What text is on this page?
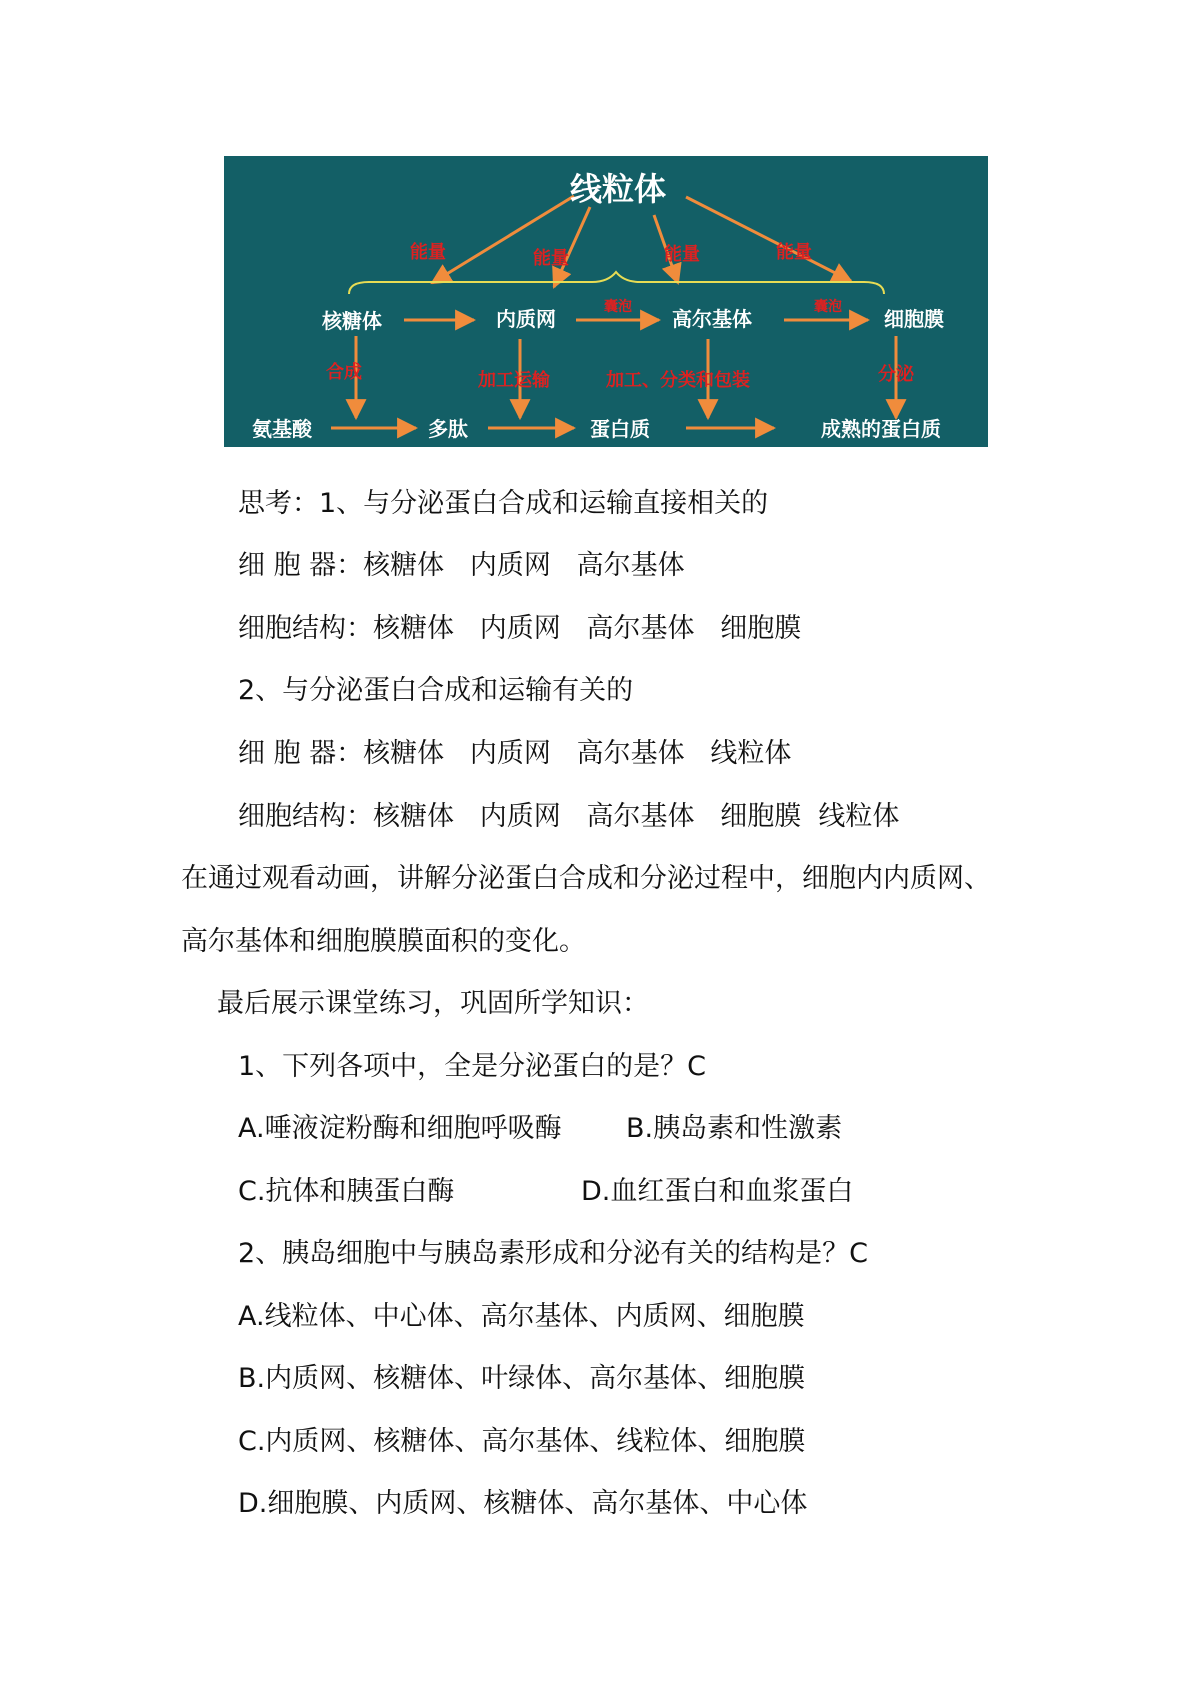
线粒体
核糖体	内质网	高尔基体	细胞膜
氨基酸	多肽	蛋白质	成熟的蛋白质
能量	能量	能量	能量
囊泡	囊泡
合成	加工运输	加工、分类和包装	分泌
思考：1、与分泌蛋白合成和运输直接相关的
细 胞 器：核糖体   内质网   高尔基体
细胞结构：核糖体   内质网   高尔基体   细胞膜
2、与分泌蛋白合成和运输有关的
细 胞 器：核糖体   内质网   高尔基体   线粒体
细胞结构：核糖体   内质网   高尔基体   细胞膜  线粒体
在通过观看动画，讲解分泌蛋白合成和分泌过程中，细胞内内质网、
高尔基体和细胞膜膜面积的变化。
最后展示课堂练习，巩固所学知识：
1、下列各项中，全是分泌蛋白的是？C
A.唾液淀粉酶和细胞呼吸酶 B.胰岛素和性激素
C.抗体和胰蛋白酶	D.血红蛋白和血浆蛋白
2、胰岛细胞中与胰岛素形成和分泌有关的结构是？C
A.线粒体、中心体、高尔基体、内质网、细胞膜
B.内质网、核糖体、叶绿体、高尔基体、细胞膜
C.内质网、核糖体、高尔基体、线粒体、细胞膜
D.细胞膜、内质网、核糖体、高尔基体、中心体
